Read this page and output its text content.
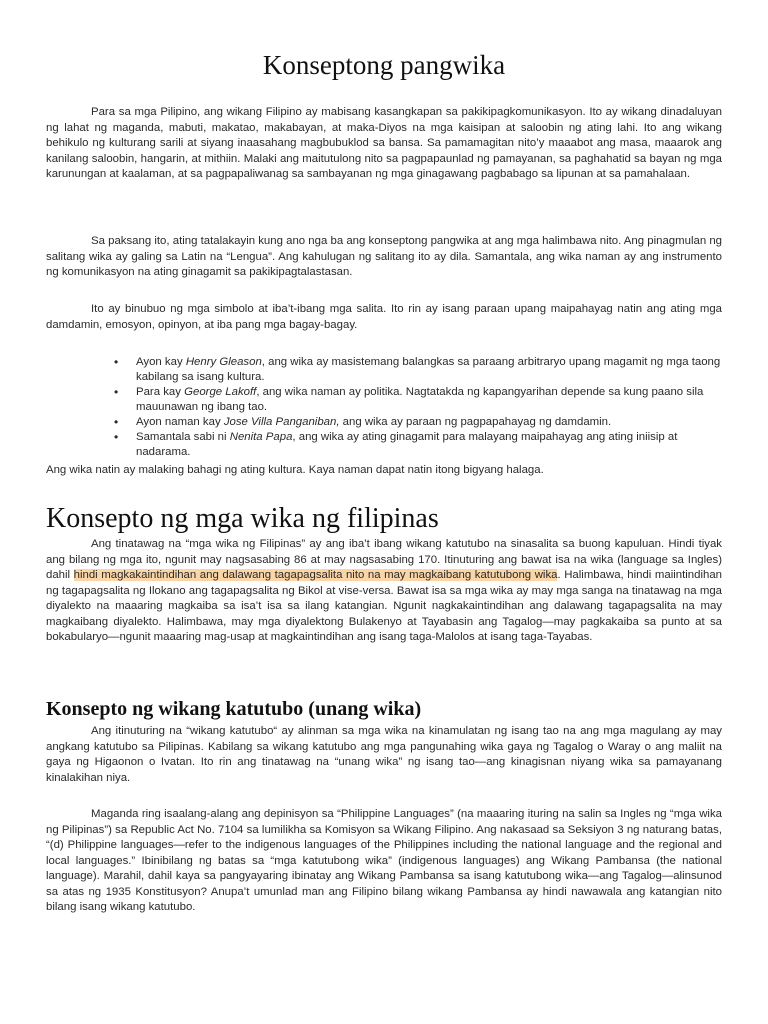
Konseptong pangwika

Para sa mga Pilipino, ang wikang Filipino ay mabisang kasangkapan sa pakikipagkomunikasyon. Ito ay wikang dinadaluyan ng lahat ng maganda, mabuti, makatao, makabayan, at maka-Diyos na mga kaisipan at saloobin ng ating lahi. Ito ang wikang behikulo ng kulturang sarili at siyang inaasahang magbubuklod sa bansa. Sa pamamagitan nito’y maaabot ang masa, maaarok ang kanilang saloobin, hangarin, at mithiin. Malaki ang maitutulong nito sa pagpapaunlad ng pamayanan, sa paghahatid sa bayan ng mga karunungan at kaalaman, at sa pagpapaliwanag sa sambayanan ng mga ginagawang pagbabago sa lipunan at sa pamahalaan.

Sa paksang ito, ating tatalakayin kung ano nga ba ang konseptong pangwika at ang mga halimbawa nito. Ang pinagmulan ng salitang wika ay galing sa Latin na “Lengua”. Ang kahulugan ng salitang ito ay dila. Samantala, ang wika naman ay ang instrumento ng komunikasyon na ating ginagamit sa pakikipagtalastasan.

Ito ay binubuo ng mga simbolo at iba’t-ibang mga salita. Ito rin ay isang paraan upang maipahayag natin ang ating mga damdamin, emosyon, opinyon, at iba pang mga bagay-bagay.

• Ayon kay Henry Gleason, ang wika ay masistemang balangkas sa paraang arbitraryo upang magamit ng mga taong kabilang sa isang kultura.
• Para kay George Lakoff, ang wika naman ay politika. Nagtatakda ng kapangyarihan depende sa kung paano sila mauunawan ng ibang tao.
• Ayon naman kay Jose Villa Panganiban, ang wika ay paraan ng pagpapahayag ng damdamin.
• Samantala sabi ni Nenita Papa, ang wika ay ating ginagamit para malayang maipahayag ang ating iniisip at nadarama.

Ang wika natin ay malaking bahagi ng ating kultura. Kaya naman dapat natin itong bigyang halaga.

Konsepto ng mga wika ng filipinas

Ang tinatawag na “mga wika ng Filipinas” ay ang iba’t ibang wikang katutubo na sinasalita sa buong kapuluan. Hindi tiyak ang bilang ng mga ito, ngunit may nagsasabing 86 at may nagsasabing 170. Itinuturing ang bawat isa na wika (language sa Ingles) dahil hindi magkakaintindihan ang dalawang tagapagsalita nito na may magkaibang katutubong wika. Halimbawa, hindi maiintindihan ng tagapagsalita ng Ilokano ang tagapagsalita ng Bikol at vise-versa. Bawat isa sa mga wika ay may mga sanga na tinatawag na mga diyalekto na maaaring magkaiba sa isa’t isa sa ilang katangian. Ngunit nagkakaintindihan ang dalawang tagapagsalita na may magkaibang diyalekto. Halimbawa, may mga diyalektong Bulakenyo at Tayabasin ang Tagalog—may pagkakaiba sa punto at sa bokabularyo—ngunit maaaring mag-usap at magkaintindihan ang isang taga-Malolos at isang taga-Tayabas.

Konsepto ng wikang katutubo (unang wika)

Ang itinuturing na “wikang katutubo“ ay alinman sa mga wika na kinamulatan ng isang tao na ang mga magulang ay may angkang katutubo sa Pilipinas. Kabilang sa wikang katutubo ang mga pangunahing wika gaya ng Tagalog o Waray o ang maliit na gaya ng Higaonon o Ivatan. Ito rin ang tinatawag na “unang wika” ng isang tao—ang kinagisnan niyang wika sa pamayanang kinalakihan niya.

Maganda ring isaalang-alang ang depinisyon sa “Philippine Languages” (na maaaring ituring na salin sa Ingles ng “mga wika ng Pilipinas”) sa Republic Act No. 7104 sa lumilikha sa Komisyon sa Wikang Filipino. Ang nakasaad sa Seksiyon 3 ng naturang batas, “(d) Philippine languages—refer to the indigenous languages of the Philippines including the national language and the regional and local languages.” Ibinibilang ng batas sa “mga katutubong wika” (indigenous languages) ang Wikang Pambansa (the national language). Marahil, dahil kaya sa pangyayaring ibinatay ang Wikang Pambansa sa isang katutubong wika—ang Tagalog—alinsunod sa atas ng 1935 Konstitusyon? Anupa’t umunlad man ang Filipino bilang wikang Pambansa ay hindi nawawala ang katangian nito bilang isang wikang katutubo.
